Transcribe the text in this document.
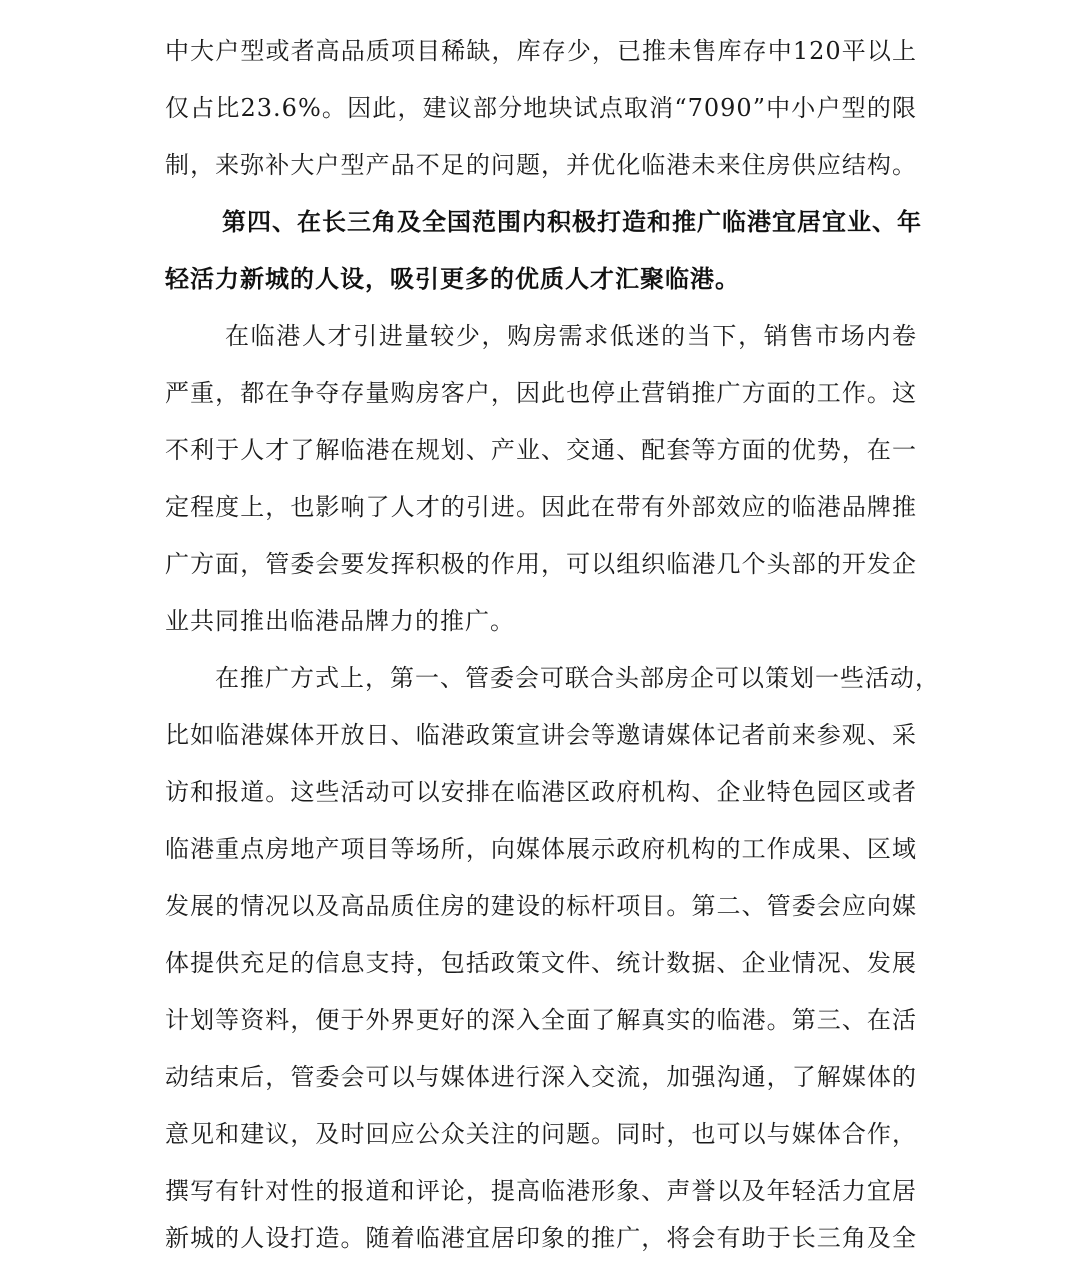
中大户型或者高品质项目稀缺，库存少，已推未售库存中120平以上
仅占比23.6%。因此，建议部分地块试点取消“7090”中小户型的限
制，来弥补大户型产品不足的问题，并优化临港未来住房供应结构。
第四、在长三角及全国范围内积极打造和推广临港宜居宜业、年
轻活力新城的人设，吸引更多的优质人才汇聚临港。
在临港人才引进量较少，购房需求低迷的当下，销售市场内卷
严重，都在争夺存量购房客户，因此也停止营销推广方面的工作。这
不利于人才了解临港在规划、产业、交通、配套等方面的优势，在一
定程度上，也影响了人才的引进。因此在带有外部效应的临港品牌推
广方面，管委会要发挥积极的作用，可以组织临港几个头部的开发企
业共同推出临港品牌力的推广。
在推广方式上，第一、管委会可联合头部房企可以策划一些活动，
比如临港媒体开放日、临港政策宣讲会等邀请媒体记者前来参观、采
访和报道。这些活动可以安排在临港区政府机构、企业特色园区或者
临港重点房地产项目等场所，向媒体展示政府机构的工作成果、区域
发展的情况以及高品质住房的建设的标杆项目。第二、管委会应向媒
体提供充足的信息支持，包括政策文件、统计数据、企业情况、发展
计划等资料，便于外界更好的深入全面了解真实的临港。第三、在活
动结束后，管委会可以与媒体进行深入交流，加强沟通，了解媒体的
意见和建议，及时回应公众关注的问题。同时，也可以与媒体合作，
撰写有针对性的报道和评论，提高临港形象、声誉以及年轻活力宜居
新城的人设打造。随着临港宜居印象的推广，将会有助于长三角及全
